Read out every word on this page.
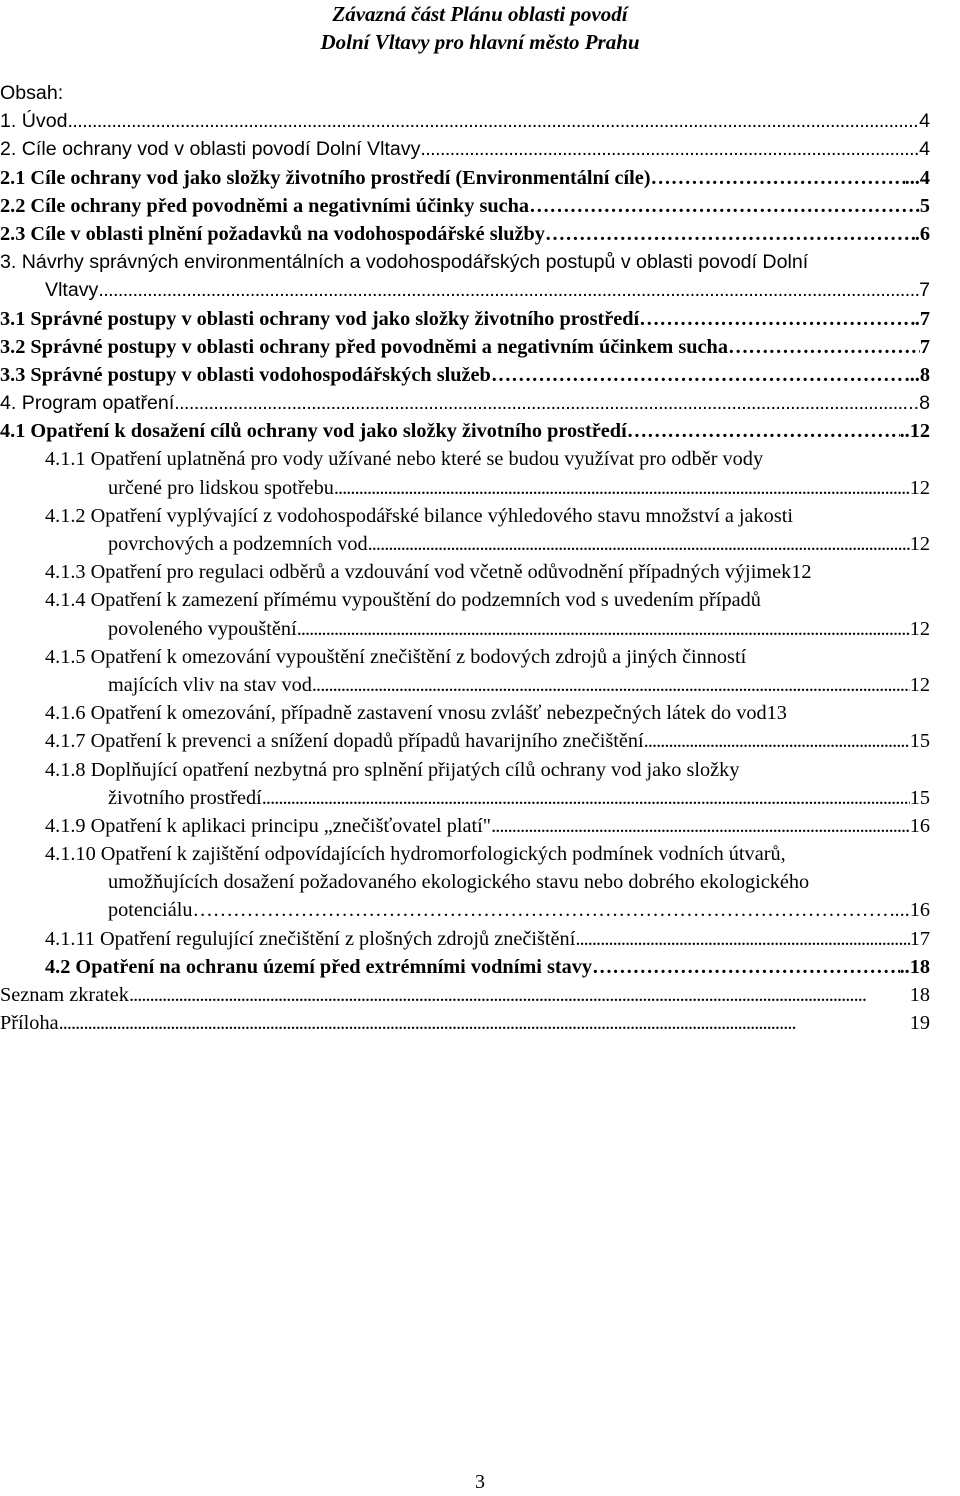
Závazná část Plánu oblasti povodí
Dolní Vltavy pro hlavní město Prahu
Obsah:
1. Úvod . . .	4
2. Cíle ochrany vod v oblasti povodí Dolní Vltavy . . .	4
2.1 Cíle ochrany vod jako složky životního prostředí (Environmentální cíle) ……………………………………………………………………………………………………………………	...4
2.2 Cíle ochrany před povodněmi a negativními účinky sucha ……………………………………………………………………………………………………………………	5
2.3 Cíle v oblasti plnění požadavků na vodohospodářské služby ……………………………………………………………………………………………………………………	.6
3. Návrhy správných environmentálních a vodohospodářských postupů v oblasti povodí Dolní
Vltavy . . .	7
3.1 Správné postupy v oblasti ochrany vod jako složky životního prostředí ……………………………………………………………………………………………………………………	.7
3.2 Správné postupy v oblasti ochrany před povodněmi a negativním účinkem sucha ……………………………………………………………………………………………………………………	7
3.3 Správné postupy v oblasti vodohospodářských služeb ……………………………………………………………………………………………………………………	...8
4. Program opatření . . .	..8
4.1 Opatření k dosažení cílů ochrany vod jako složky životního prostředí ……………………………………………………………………………………………………………………	..12
4.1.1 Opatření uplatněná pro vody užívané nebo které se budou využívat pro odběr vody
určené pro lidskou spotřebu . . .	12
4.1.2 Opatření vyplývající z vodohospodářské bilance výhledového stavu množství a jakosti
povrchových a podzemních vod . . .	12
4.1.3 Opatření pro regulaci odběrů a vzdouvání vod včetně odůvodnění případných výjimek 12
4.1.4 Opatření k zamezení přímému vypouštění do podzemních vod s uvedením případů
povoleného vypouštění . . .	12
4.1.5 Opatření k omezování vypouštění znečištění z bodových zdrojů a jiných činností
majících vliv na stav vod . . .	12
4.1.6 Opatření k omezování, případně zastavení vnosu zvlášť nebezpečných látek do vod 13
4.1.7 Opatření k prevenci a snížení dopadů případů havarijního znečištění . . .	15
4.1.8 Doplňující opatření nezbytná pro splnění přijatých cílů ochrany vod jako složky
životního prostředí . . .	15
4.1.9 Opatření k aplikaci principu „znečišťovatel platí" . . .	16
4.1.10 Opatření k zajištění odpovídajících hydromorfologických podmínek vodních útvarů,
umožňujících dosažení požadovaného ekologického stavu nebo dobrého ekologického
potenciálu ……………………………………………………………………………………………………………………	...16
4.1.11 Opatření regulující znečištění z plošných zdrojů znečištění . . .	17
4.2 Opatření na ochranu území před extrémními vodními stavy ……………………………………………………………………………………………………………………	..18
Seznam zkratek . . .	18
Příloha . . .	19
3
